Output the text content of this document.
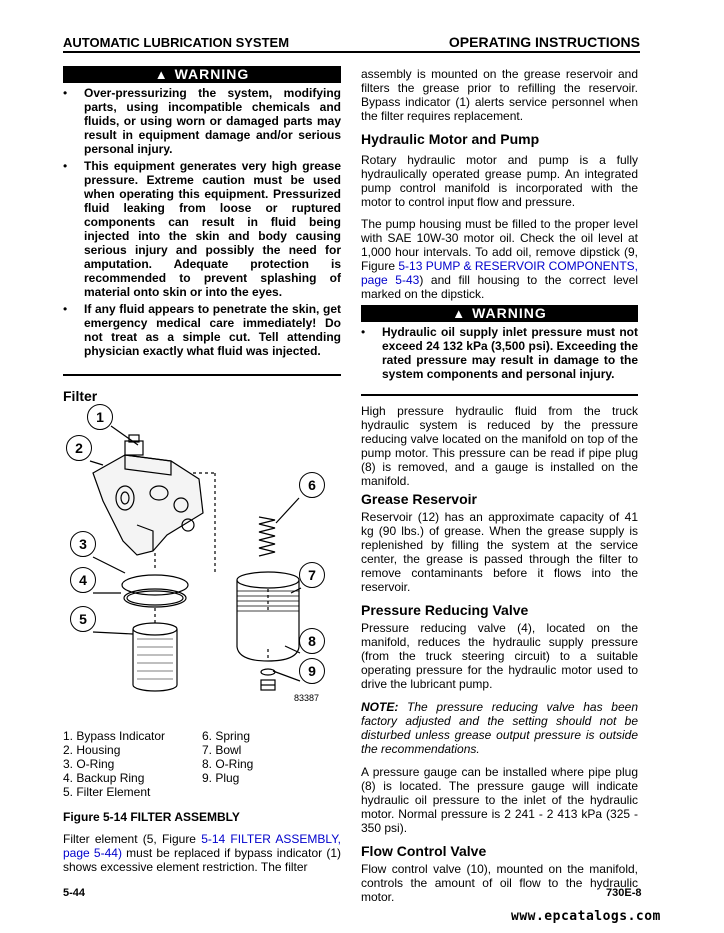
AUTOMATIC LUBRICATION SYSTEM	OPERATING INSTRUCTIONS
▲ WARNING
• Over-pressurizing the system, modifying parts, using incompatible chemicals and fluids, or using worn or damaged parts may result in equipment damage and/or serious personal injury.
• This equipment generates very high grease pressure. Extreme caution must be used when operating this equipment. Pressurized fluid leaking from loose or ruptured components can result in fluid being injected into the skin and body causing serious injury and possibly the need for amputation. Adequate protection is recommended to prevent splashing of material onto skin or into the eyes.
• If any fluid appears to penetrate the skin, get emergency medical care immediately! Do not treat as a simple cut. Tell attending physician exactly what fluid was injected.
Filter
1
2
3
4
5
6
7
8
9
83387
1. Bypass Indicator	6. Spring
2. Housing	7. Bowl
3. O-Ring	8. O-Ring
4. Backup Ring	9. Plug
5. Filter Element
Figure 5-14 FILTER ASSEMBLY

Filter element (5, Figure 5-14 FILTER ASSEMBLY, page 5-44) must be replaced if bypass indicator (1) shows excessive element restriction. The filter

assembly is mounted on the grease reservoir and filters the grease prior to refilling the reservoir. Bypass indicator (1) alerts service personnel when the filter requires replacement.

Hydraulic Motor and Pump

Rotary hydraulic motor and pump is a fully hydraulically operated grease pump. An integrated pump control manifold is incorporated with the motor to control input flow and pressure.

The pump housing must be filled to the proper level with SAE 10W-30 motor oil. Check the oil level at 1,000 hour intervals. To add oil, remove dipstick (9, Figure 5-13 PUMP & RESERVOIR COMPONENTS, page 5-43) and fill housing to the correct level marked on the dipstick.

▲ WARNING
• Hydraulic oil supply inlet pressure must not exceed 24 132 kPa (3,500 psi). Exceeding the rated pressure may result in damage to the system components and personal injury.

High pressure hydraulic fluid from the truck hydraulic system is reduced by the pressure reducing valve located on the manifold on top of the pump motor. This pressure can be read if pipe plug (8) is removed, and a gauge is installed on the manifold.

Grease Reservoir

Reservoir (12) has an approximate capacity of 41 kg (90 lbs.) of grease. When the grease supply is replenished by filling the system at the service center, the grease is passed through the filter to remove contaminants before it flows into the reservoir.

Pressure Reducing Valve

Pressure reducing valve (4), located on the manifold, reduces the hydraulic supply pressure (from the truck steering circuit) to a suitable operating pressure for the hydraulic motor used to drive the lubricant pump.

NOTE: The pressure reducing valve has been factory adjusted and the setting should not be disturbed unless grease output pressure is outside the recommendations.

A pressure gauge can be installed where pipe plug (8) is located. The pressure gauge will indicate hydraulic oil pressure to the inlet of the hydraulic motor. Normal pressure is 2 241 - 2 413 kPa (325 - 350 psi).

Flow Control Valve

Flow control valve (10), mounted on the manifold, controls the amount of oil flow to the hydraulic motor.

5-44	730E-8
www.epcatalogs.com
